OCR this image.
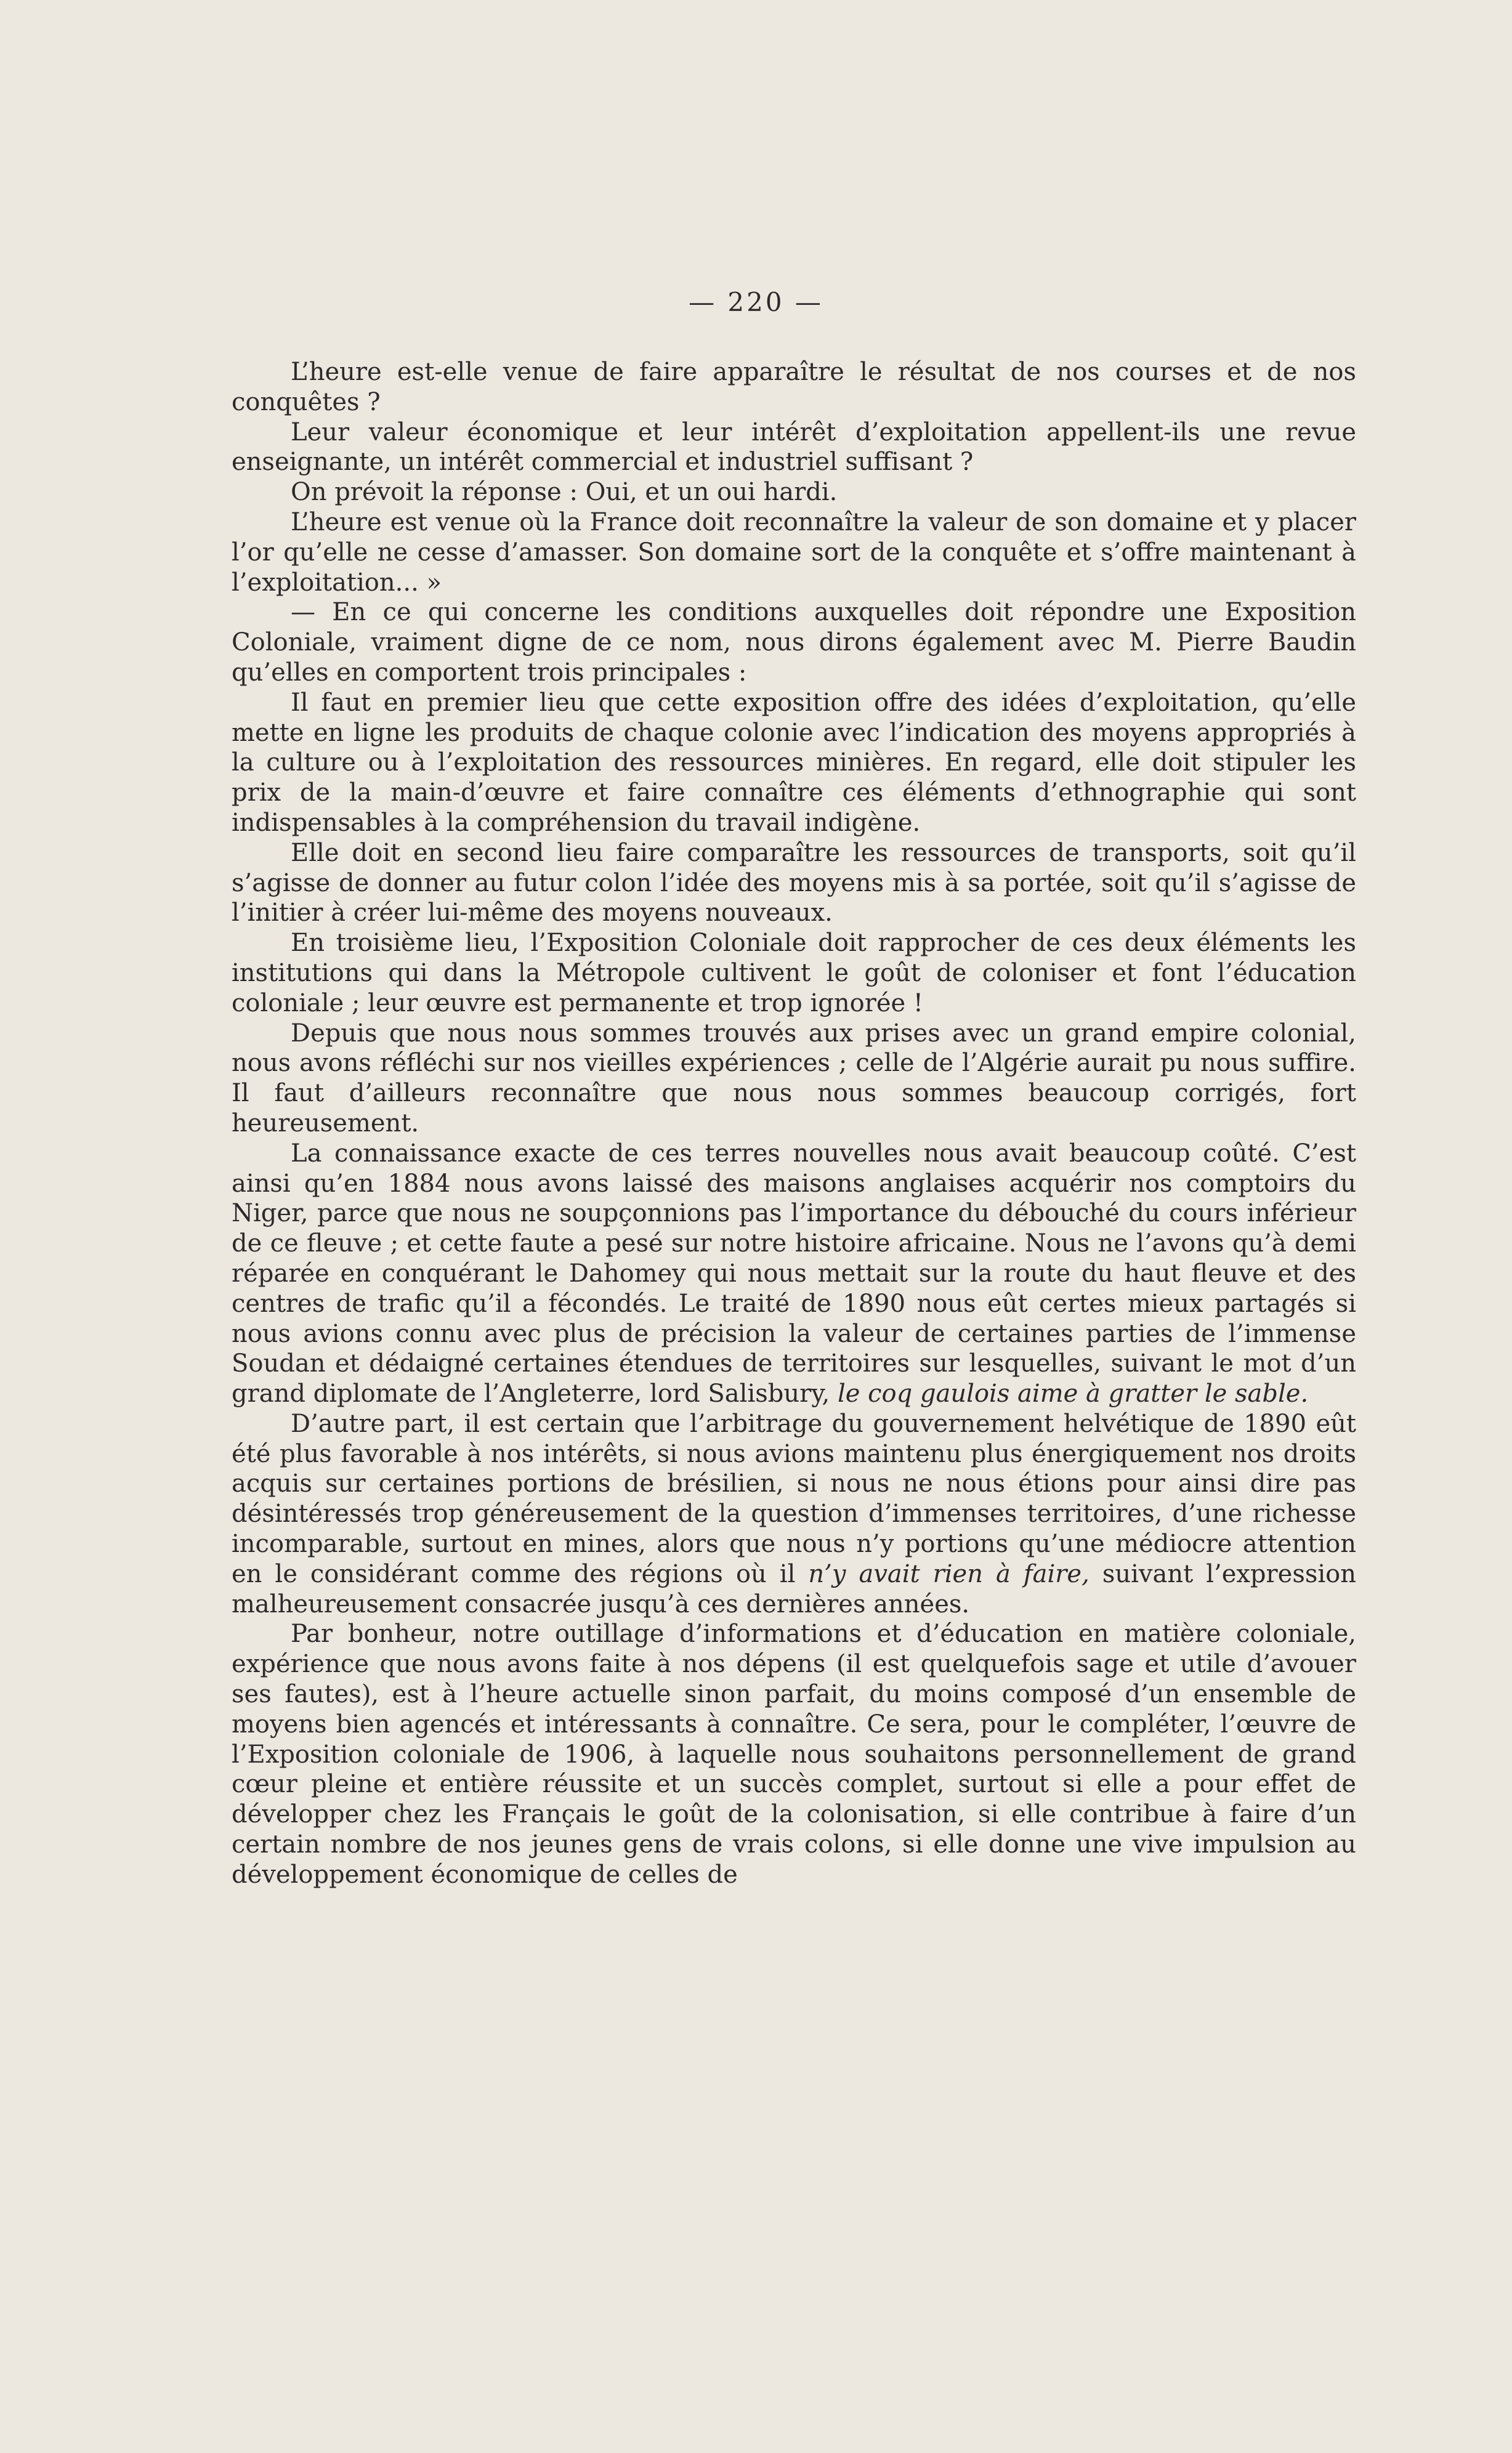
— 220 —

L’heure est-elle venue de faire apparaître le résultat de nos courses et de nos conquêtes ?

Leur valeur économique et leur intérêt d’exploitation appellent-ils une revue enseignante, un intérêt commercial et industriel suffisant ?

On prévoit la réponse : Oui, et un oui hardi.

L’heure est venue où la France doit reconnaître la valeur de son domaine et y placer l’or qu’elle ne cesse d’amasser. Son domaine sort de la conquête et s’offre maintenant à l’exploitation... »

— En ce qui concerne les conditions auxquelles doit répondre une Exposition Coloniale, vraiment digne de ce nom, nous dirons également avec M. Pierre Baudin qu’elles en comportent trois principales :

Il faut en premier lieu que cette exposition offre des idées d’exploitation, qu’elle mette en ligne les produits de chaque colonie avec l’indication des moyens appropriés à la culture ou à l’exploitation des ressources minières. En regard, elle doit stipuler les prix de la main-d’œuvre et faire connaître ces éléments d’ethnographie qui sont indispensables à la compréhension du travail indigène.

Elle doit en second lieu faire comparaître les ressources de transports, soit qu’il s’agisse de donner au futur colon l’idée des moyens mis à sa portée, soit qu’il s’agisse de l’initier à créer lui-même des moyens nouveaux.

En troisième lieu, l’Exposition Coloniale doit rapprocher de ces deux éléments les institutions qui dans la Métropole cultivent le goût de coloniser et font l’éducation coloniale ; leur œuvre est permanente et trop ignorée !

Depuis que nous nous sommes trouvés aux prises avec un grand empire colonial, nous avons réfléchi sur nos vieilles expériences ; celle de l’Algérie aurait pu nous suffire. Il faut d’ailleurs reconnaître que nous nous sommes beaucoup corrigés, fort heureusement.

La connaissance exacte de ces terres nouvelles nous avait beaucoup coûté. C’est ainsi qu’en 1884 nous avons laissé des maisons anglaises acquérir nos comptoirs du Niger, parce que nous ne soupçonnions pas l’importance du débouché du cours inférieur de ce fleuve ; et cette faute a pesé sur notre histoire africaine. Nous ne l’avons qu’à demi réparée en conquérant le Dahomey qui nous mettait sur la route du haut fleuve et des centres de trafic qu’il a fécondés. Le traité de 1890 nous eût certes mieux partagés si nous avions connu avec plus de précision la valeur de certaines parties de l’immense Soudan et dédaigné certaines étendues de territoires sur lesquelles, suivant le mot d’un grand diplomate de l’Angleterre, lord Salisbury, le coq gaulois aime à gratter le sable.

D’autre part, il est certain que l’arbitrage du gouvernement helvétique de 1890 eût été plus favorable à nos intérêts, si nous avions maintenu plus énergiquement nos droits acquis sur certaines portions de brésilien, si nous ne nous étions pour ainsi dire pas désintéressés trop généreusement de la question d’immenses territoires, d’une richesse incomparable, surtout en mines, alors que nous n’y portions qu’une médiocre attention en le considérant comme des régions où il n’y avait rien à faire, suivant l’expression malheureusement consacrée jusqu’à ces dernières années.

Par bonheur, notre outillage d’informations et d’éducation en matière coloniale, expérience que nous avons faite à nos dépens (il est quelquefois sage et utile d’avouer ses fautes), est à l’heure actuelle sinon parfait, du moins composé d’un ensemble de moyens bien agencés et intéressants à connaître. Ce sera, pour le compléter, l’œuvre de l’Exposition coloniale de 1906, à laquelle nous souhaitons personnellement de grand cœur pleine et entière réussite et un succès complet, surtout si elle a pour effet de développer chez les Français le goût de la colonisation, si elle contribue à faire d’un certain nombre de nos jeunes gens de vrais colons, si elle donne une vive impulsion au développement économique de celles de
